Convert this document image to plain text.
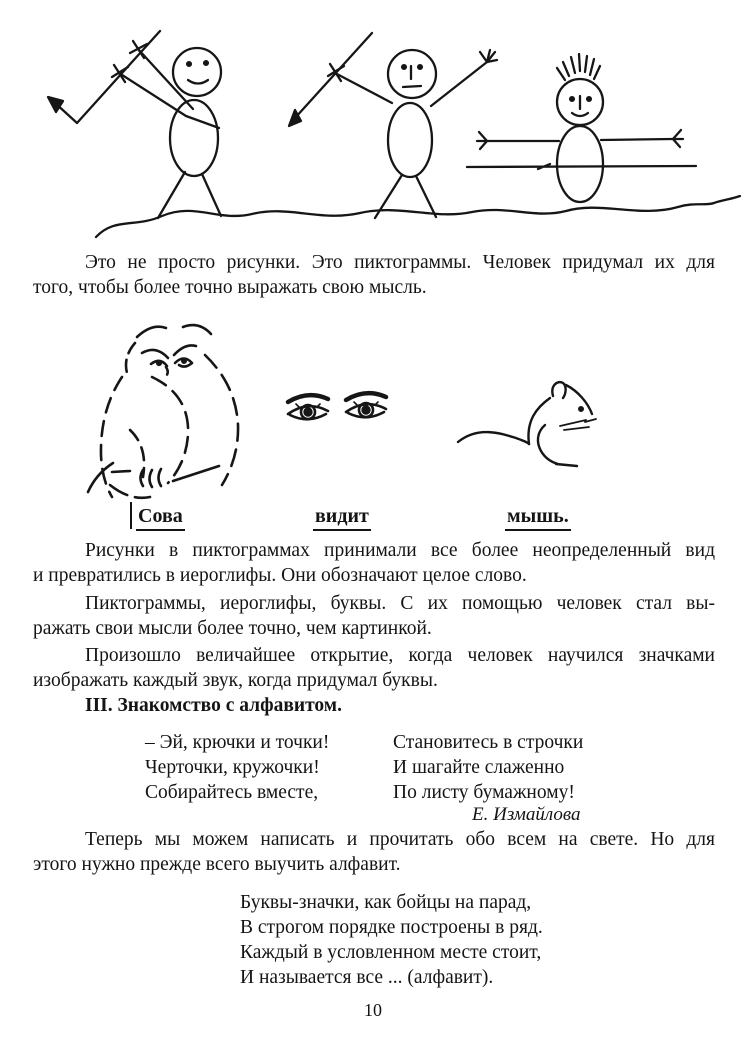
Это не просто рисунки. Это пиктограммы. Человек придумал их для
того, чтобы более точно выражать свою мысль.
Сова	видит	мышь.
Рисунки в пиктограммах принимали все более неопределенный вид
и превратились в иероглифы. Они обозначают целое слово.
Пиктограммы, иероглифы, буквы. С их помощью человек стал вы-
ражать свои мысли более точно, чем картинкой.
Произошло величайшее открытие, когда человек научился значками
изображать каждый звук, когда придумал буквы.
III. Знакомство с алфавитом.
– Эй, крючки и точки!
Черточки, кружочки!
Собирайтесь вместе,
Становитесь в строчки
И шагайте слаженно
По листу бумажному!
Е. Измайлова
Теперь мы можем написать и прочитать обо всем на свете. Но для
этого нужно прежде всего выучить алфавит.
Буквы-значки, как бойцы на парад,
В строгом порядке построены в ряд.
Каждый в условленном месте стоит,
И называется все ... (алфавит).
10
